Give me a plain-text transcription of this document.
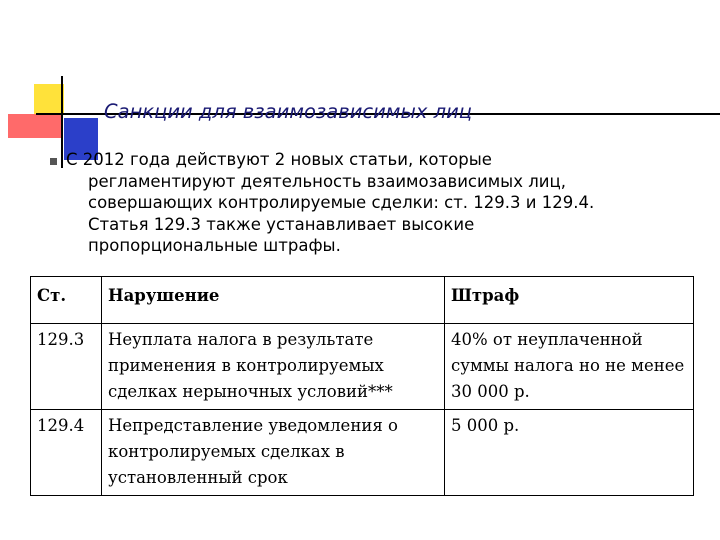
Санкции для взаимозависимых лиц
С 2012 года действуют 2 новых статьи, которые
регламентируют деятельность взаимозависимых лиц,
совершающих контролируемые сделки: ст. 129.3 и 129.4.
Статья 129.3 также устанавливает высокие
пропорциональные штрафы.
Ст.	Нарушение	Штраф
129.3	Неуплата налога в результате применения в контролируемых сделках нерыночных условий***	40% от неуплаченной суммы налога но не менее 30 000 р.
129.4	Непредставление уведомления о контролируемых сделках в установленный срок	5 000 р.
